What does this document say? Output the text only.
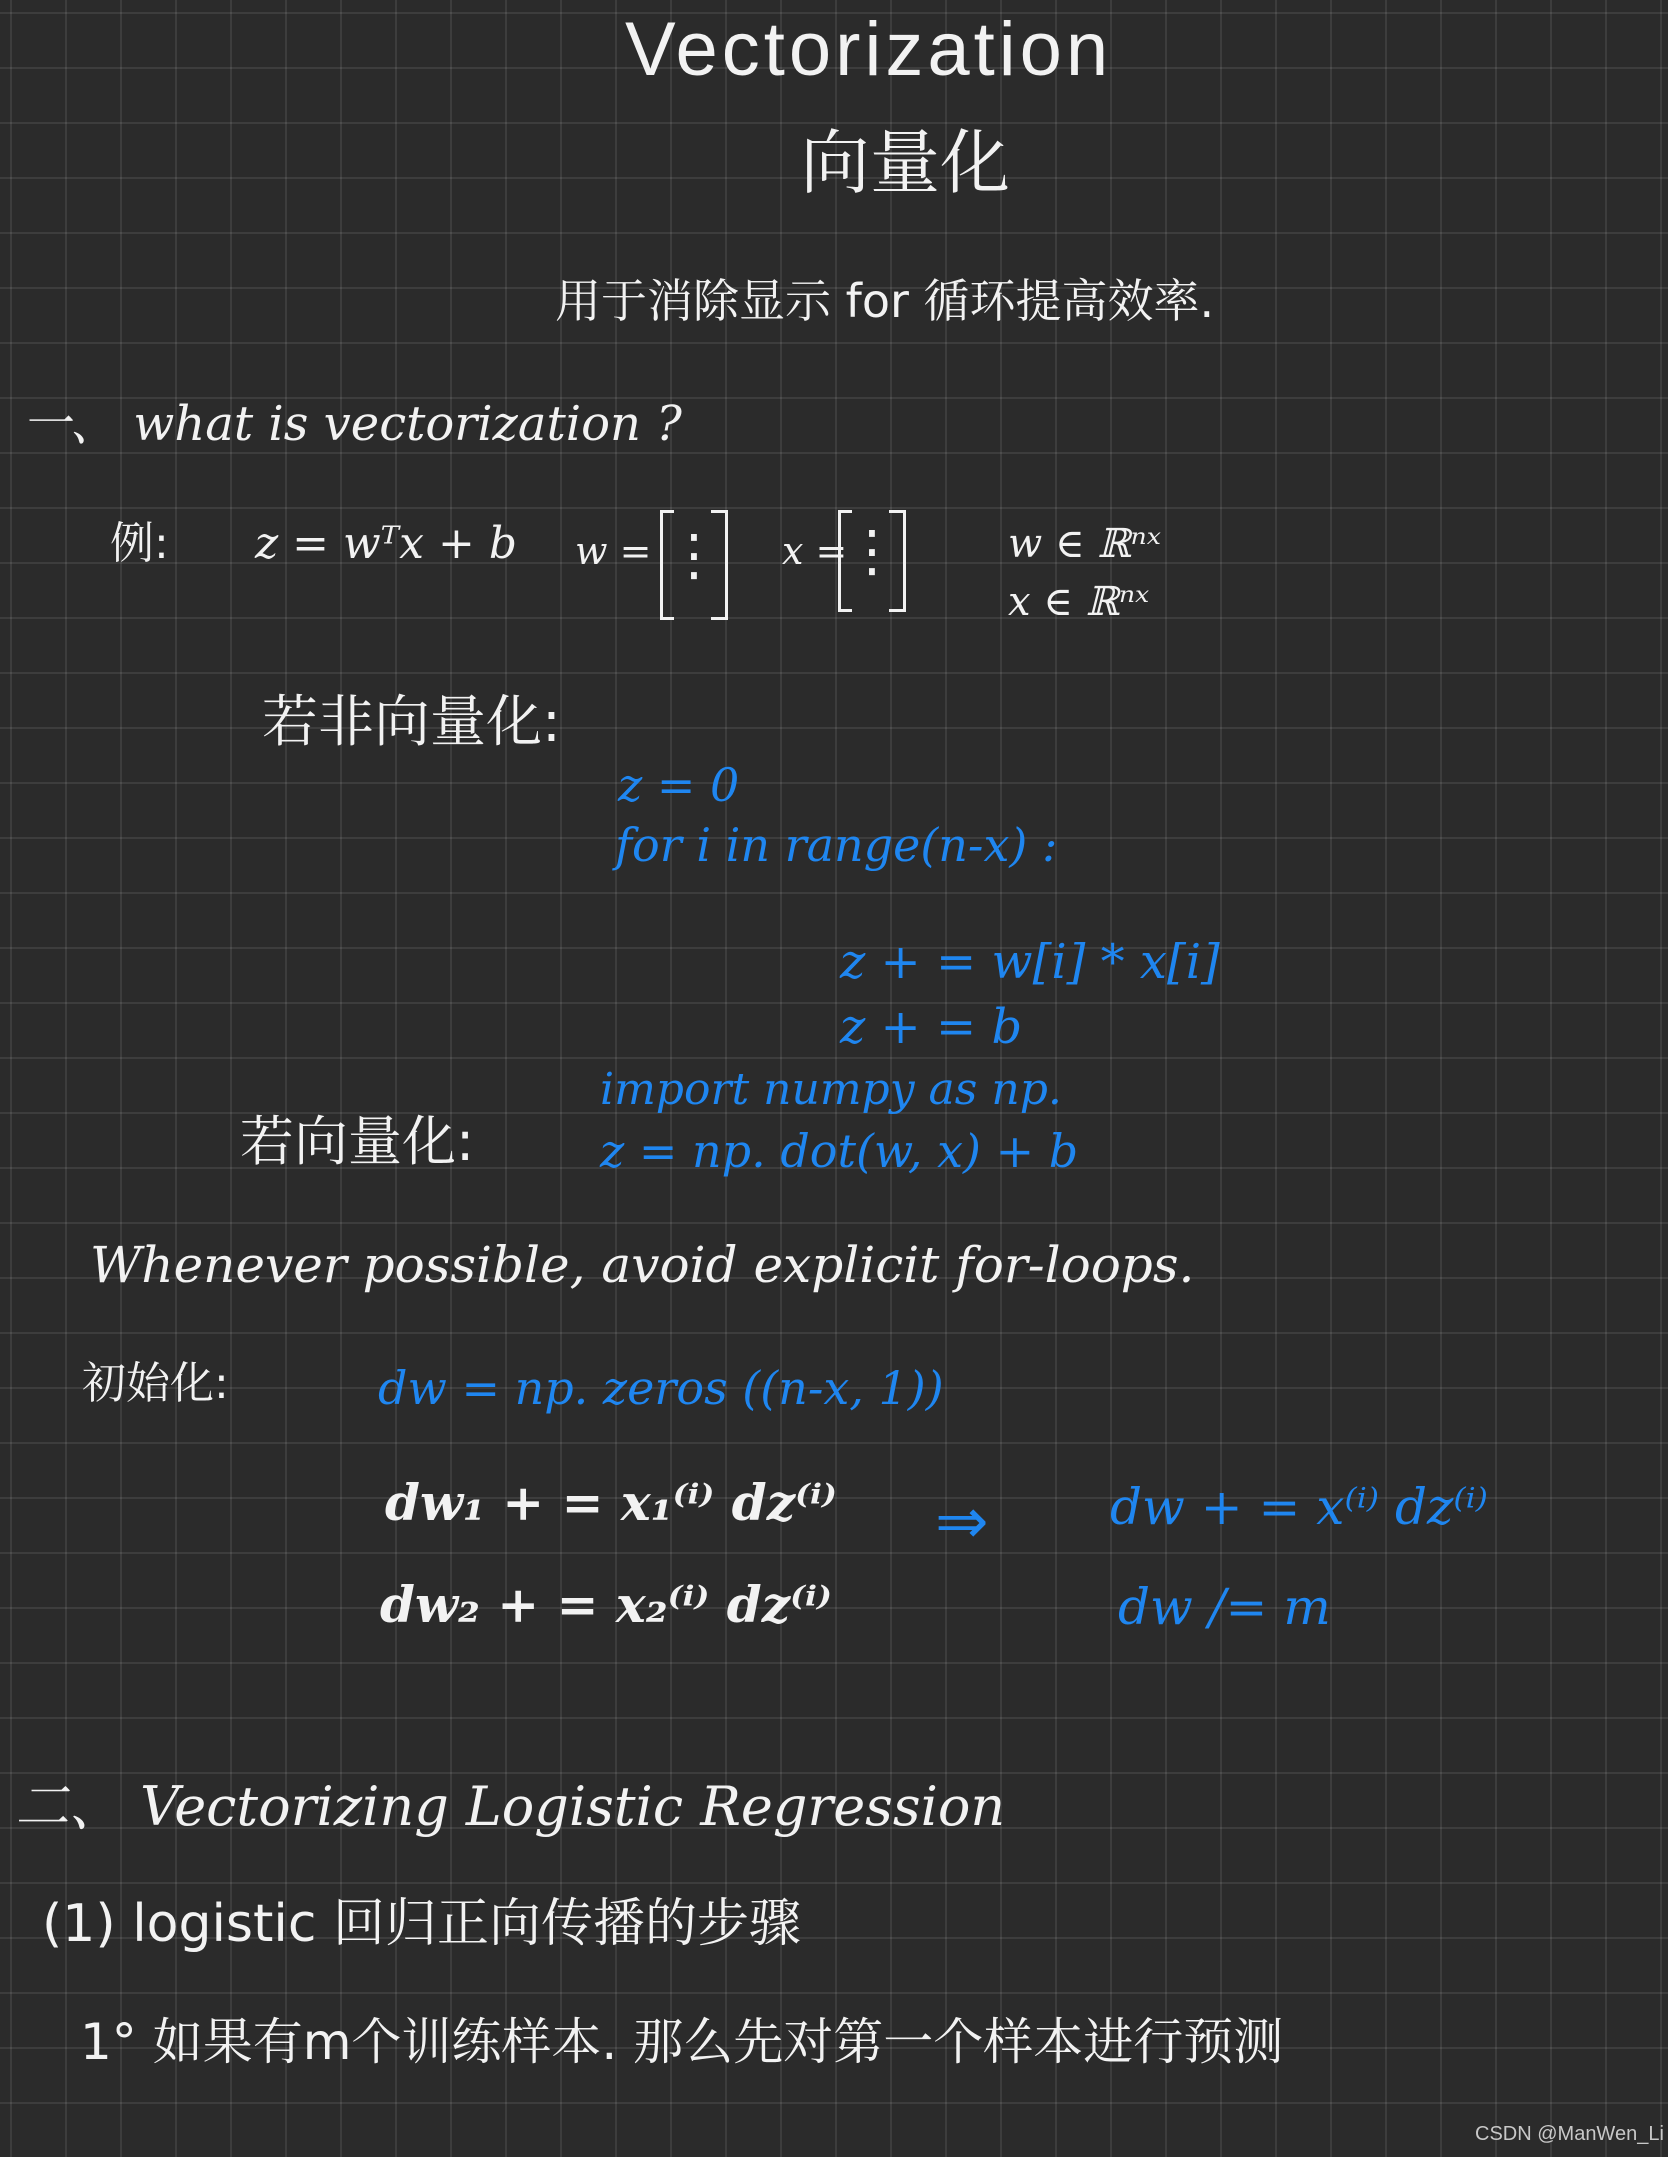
Vectorization
向量化
用于消除显示 for 循环提高效率.
一、 what is vectorization ?
例: z = wᵀx + b w = ⋮ x =
⋮	w ∈ ℝⁿˣ
x ∈ ℝⁿˣ
若非向量化:
z = 0
for i in range(n-x) :
z + = w[i] * x[i]
z + = b
import numpy as np.
若向量化:	z = np. dot(w, x) + b
Whenever possible, avoid explicit for-loops.
初始化:	dw = np. zeros ((n-x, 1))
dw₁ + = x₁⁽ⁱ⁾ dz⁽ⁱ⁾ ⇒ dw + = x⁽ⁱ⁾ dz⁽ⁱ⁾
dw₂ + = x₂⁽ⁱ⁾ dz⁽ⁱ⁾	dw /= m
二、 Vectorizing Logistic Regression
(1) logistic 回归正向传播的步骤
1° 如果有m个训练样本. 那么先对第一个样本进行预测
CSDN @ManWen_Li
